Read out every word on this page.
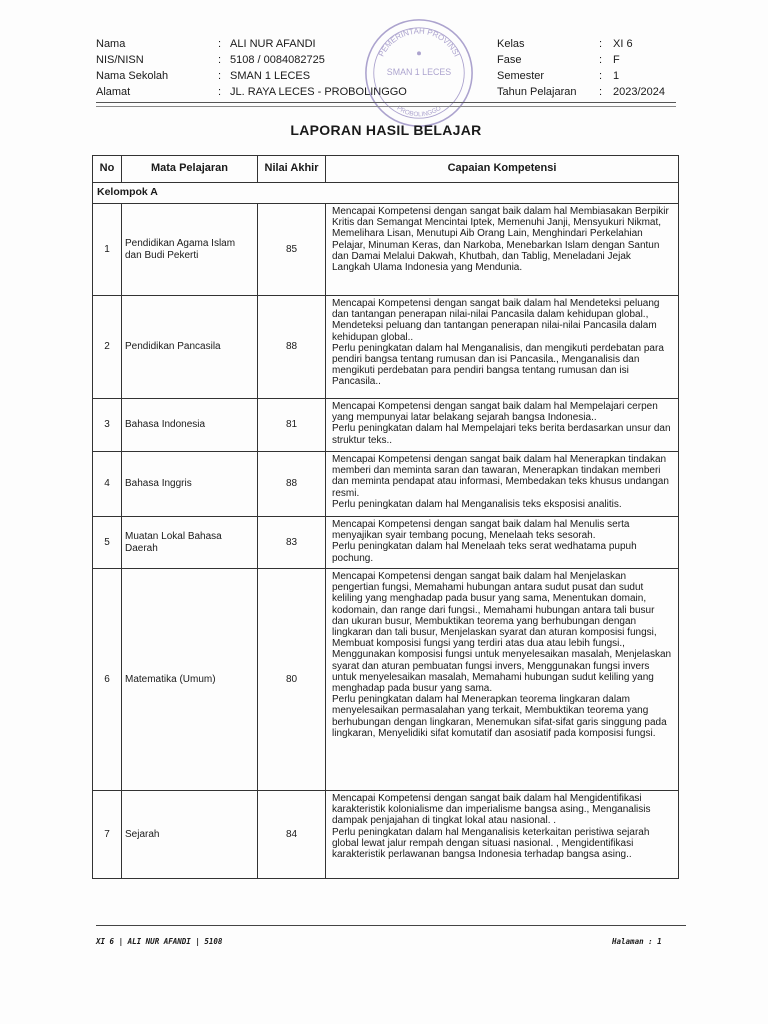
Nama	: ALI NUR AFANDI
NIS/NISN	: 5108 / 0084082725
Nama Sekolah	: SMAN 1 LECES
Alamat	: JL. RAYA LECES - PROBOLINGGO
PEMERINTAH PROVINSI
SMAN 1 LECES
PROBOLINGGO
Kelas	: XI 6
Fase	: F
Semester	: 1
Tahun Pelajaran	: 2023/2024
LAPORAN HASIL BELAJAR
No	Mata Pelajaran	Nilai Akhir	Capaian Kompetensi
Kelompok A			
1	Pendidikan Agama Islam dan Budi Pekerti	85	Mencapai Kompetensi dengan sangat baik dalam hal Membiasakan Berpikir Kritis dan Semangat Mencintai Iptek, Memenuhi Janji, Mensyukuri Nikmat, Memelihara Lisan, Menutupi Aib Orang Lain, Menghindari Perkelahian Pelajar, Minuman Keras, dan Narkoba, Menebarkan Islam dengan Santun dan Damai Melalui Dakwah, Khutbah, dan Tablig, Meneladani Jejak Langkah Ulama Indonesia yang Mendunia.
2	Pendidikan Pancasila	88	Mencapai Kompetensi dengan sangat baik dalam hal Mendeteksi peluang dan tantangan penerapan nilai-nilai Pancasila dalam kehidupan global., Mendeteksi peluang dan tantangan penerapan nilai-nilai Pancasila dalam kehidupan global..
Perlu peningkatan dalam hal Menganalisis, dan mengikuti perdebatan para pendiri bangsa tentang rumusan dan isi Pancasila., Menganalisis dan mengikuti perdebatan para pendiri bangsa tentang rumusan dan isi Pancasila..
3	Bahasa Indonesia	81	Mencapai Kompetensi dengan sangat baik dalam hal Mempelajari cerpen yang mempunyai latar belakang sejarah bangsa Indonesia..
Perlu peningkatan dalam hal Mempelajari teks berita berdasarkan unsur dan struktur teks..
4	Bahasa Inggris	88	Mencapai Kompetensi dengan sangat baik dalam hal Menerapkan tindakan memberi dan meminta saran dan tawaran, Menerapkan tindakan memberi dan meminta pendapat atau informasi, Membedakan teks khusus undangan resmi.
Perlu peningkatan dalam hal Menganalisis teks eksposisi analitis.
5	Muatan Lokal Bahasa Daerah	83	Mencapai Kompetensi dengan sangat baik dalam hal Menulis serta menyajikan syair tembang pocung, Menelaah teks sesorah.
Perlu peningkatan dalam hal Menelaah teks serat wedhatama pupuh pochung.
6	Matematika (Umum)	80	Mencapai Kompetensi dengan sangat baik dalam hal Menjelaskan pengertian fungsi, Memahami hubungan antara sudut pusat dan sudut keliling yang menghadap pada busur yang sama, Menentukan domain, kodomain, dan range dari fungsi., Memahami hubungan antara tali busur dan ukuran busur, Membuktikan teorema yang berhubungan dengan lingkaran dan tali busur, Menjelaskan syarat dan aturan komposisi fungsi, Membuat komposisi fungsi yang terdiri atas dua atau lebih fungsi., Menggunakan komposisi fungsi untuk menyelesaikan masalah, Menjelaskan syarat dan aturan pembuatan fungsi invers, Menggunakan fungsi invers untuk menyelesaikan masalah, Memahami hubungan sudut keliling yang menghadap pada busur yang sama.
Perlu peningkatan dalam hal Menerapkan teorema lingkaran dalam menyelesaikan permasalahan yang terkait, Membuktikan teorema yang berhubungan dengan lingkaran, Menemukan sifat-sifat garis singgung pada lingkaran, Menyelidiki sifat komutatif dan asosiatif pada komposisi fungsi.

7	Sejarah	84	Mencapai Kompetensi dengan sangat baik dalam hal Mengidentifikasi karakteristik kolonialisme dan imperialisme bangsa asing., Menganalisis dampak penjajahan di tingkat lokal atau nasional. .
Perlu peningkatan dalam hal Menganalisis keterkaitan peristiwa sejarah global lewat jalur rempah dengan situasi nasional. , Mengidentifikasi karakteristik perlawanan bangsa Indonesia terhadap bangsa asing..
XI 6 | ALI NUR AFANDI | 5108	Halaman : 1
